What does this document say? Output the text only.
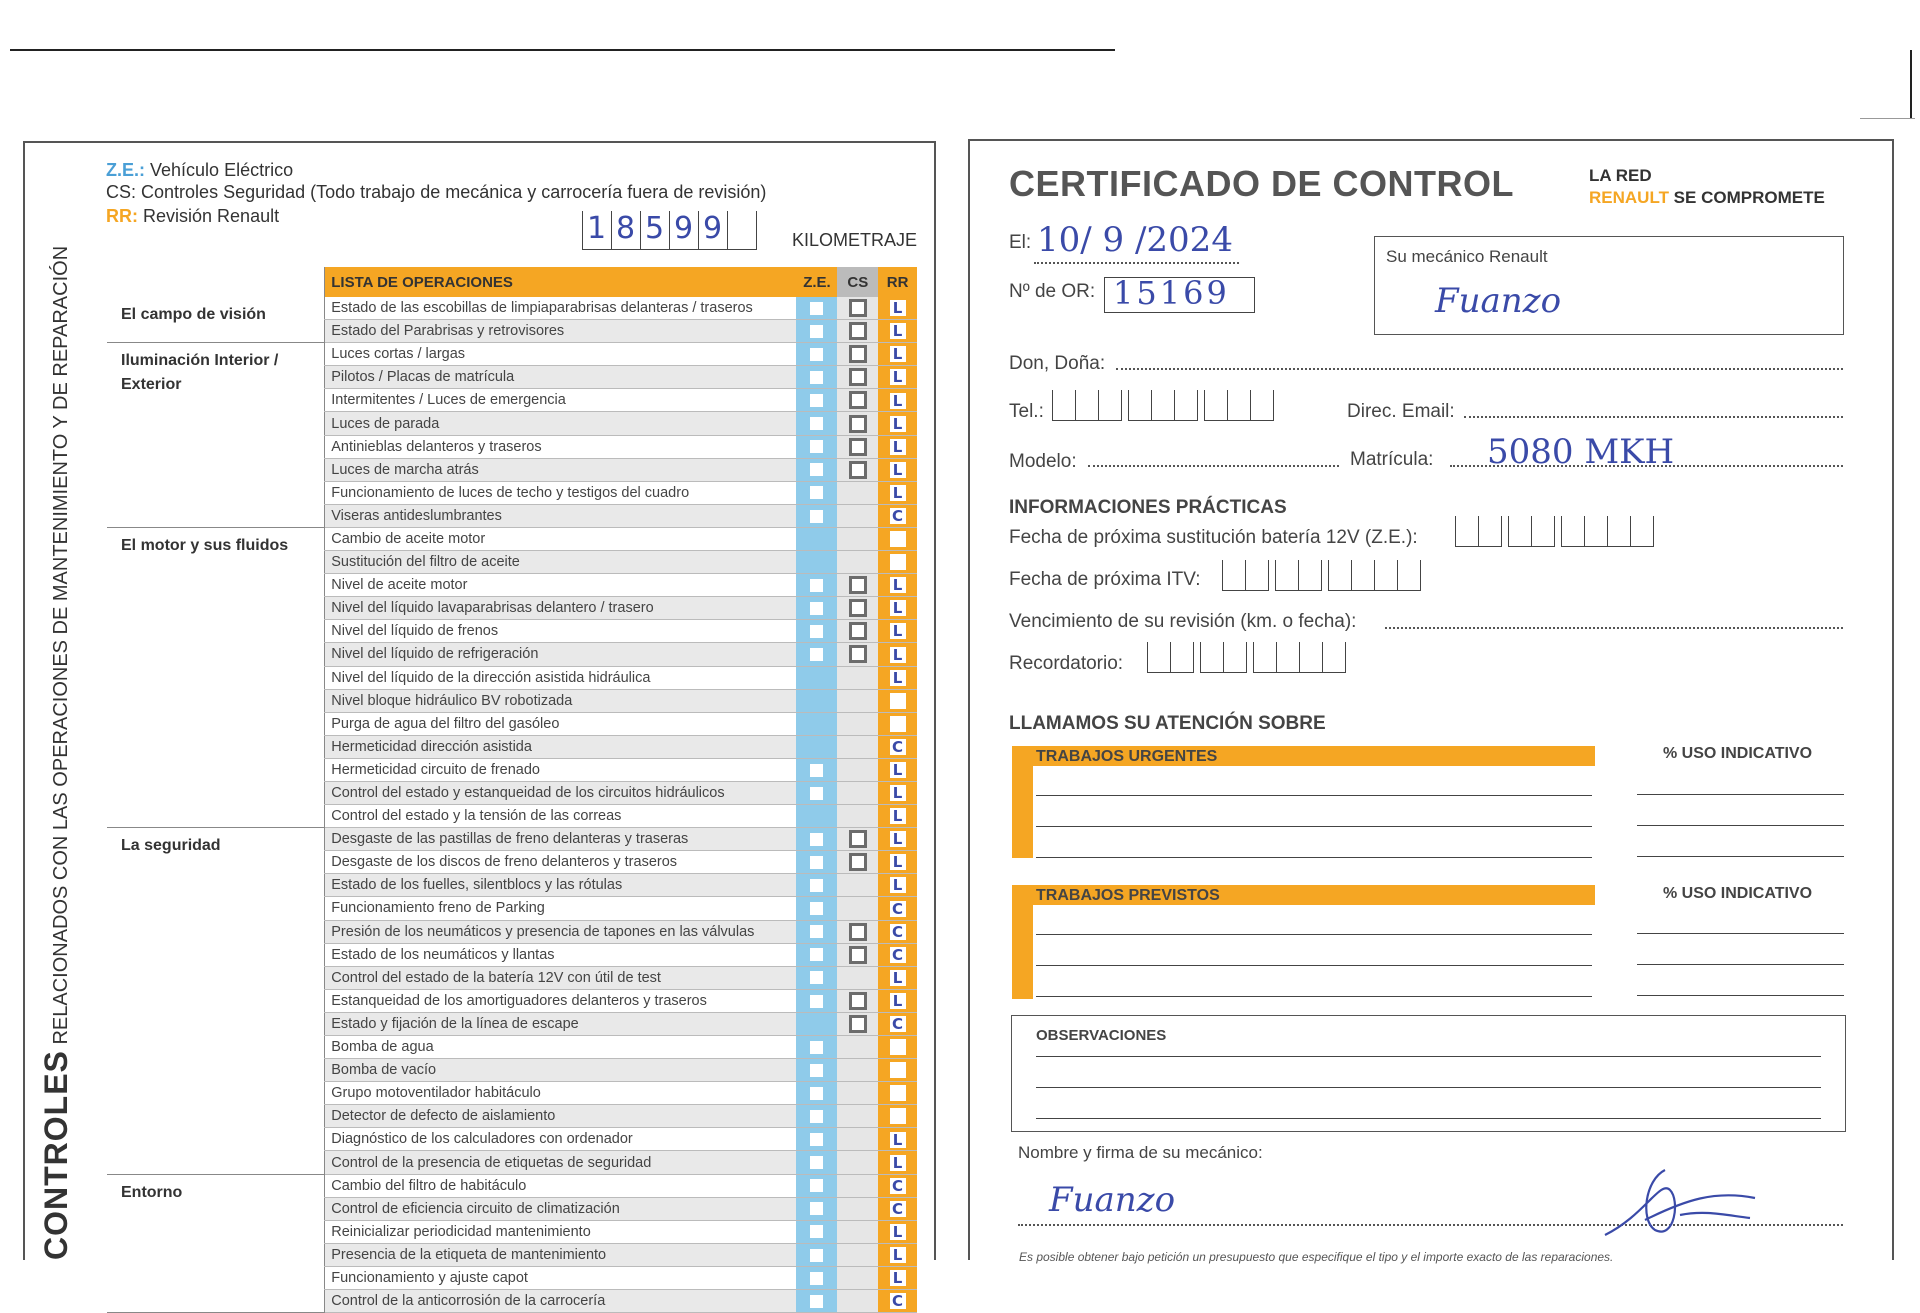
CONTROLES RELACIONADOS CON LAS OPERACIONES DE MANTENIMIENTO Y DE REPARACIÓN
Z.E.: Vehículo Eléctrico
CS: Controles Seguridad (Todo trabajo de mecánica y carrocería fuera de revisión)
RR: Revisión Renault	1 8 5 9 9	KILOMETRAJE
	LISTA DE OPERACIONES	Z.E.	CS	RR
El campo de visión	Estado de las escobillas de limpiaparabrisas delanteras / traseros			L
	Estado del Parabrisas y retrovisores			L
Iluminación Interior / Exterior	Luces cortas / largas			L
	Pilotos / Placas de matrícula			L
	Intermitentes / Luces de emergencia			L
	Luces de parada			L
	Antinieblas delanteros y traseros			L
	Luces de marcha atrás			L
	Funcionamiento de luces de techo y testigos del cuadro			L
	Viseras antideslumbrantes			C
El motor y sus fluidos	Cambio de aceite motor			
	Sustitución del filtro de aceite			
	Nivel de aceite motor			L
	Nivel del líquido lavaparabrisas delantero / trasero			L
	Nivel del líquido de frenos			L
	Nivel del líquido de refrigeración			L
	Nivel del líquido de la dirección asistida hidráulica			L
	Nivel bloque hidráulico BV robotizada			
	Purga de agua del filtro del gasóleo			
	Hermeticidad dirección asistida			C
	Hermeticidad circuito de frenado			L
	Control del estado y estanqueidad de los circuitos hidráulicos			L
	Control del estado y la tensión de las correas			L
La seguridad	Desgaste de las pastillas de freno delanteras y traseras			L
	Desgaste de los discos de freno delanteros y traseros			L
	Estado de los fuelles, silentblocs y las rótulas			L
	Funcionamiento freno de Parking			C
	Presión de los neumáticos y presencia de tapones en las válvulas			C
	Estado de los neumáticos y llantas			C
	Control del estado de la batería 12V con útil de test			L
	Estanqueidad de los amortiguadores delanteros y traseros			L
	Estado y fijación de la línea de escape			C
	Bomba de agua			
	Bomba de vacío			
	Grupo motoventilador habitáculo			
	Detector de defecto de aislamiento			
	Diagnóstico de los calculadores con ordenador			L
	Control de la presencia de etiquetas de seguridad			L
Entorno	Cambio del filtro de habitáculo			C
	Control de eficiencia circuito de climatización			C
	Reinicializar periodicidad mantenimiento			L
	Presencia de la etiqueta de mantenimiento			L
	Funcionamiento y ajuste capot			L
	Control de la anticorrosión de la carrocería			C
CERTIFICADO DE CONTROL	LA RED
RENAULT SE COMPROMETE
El: 10/ 9 /2024
Nº de OR: 15169
Su mecánico Renault
Fuanzo
Don, Doña:
Tel.:	Direc. Email:
Modelo:	Matrícula: 5080 MKH
INFORMACIONES PRÁCTICAS
Fecha de próxima sustitución batería 12V (Z.E.):
Fecha de próxima ITV:
Vencimiento de su revisión (km. o fecha):
Recordatorio:
LLAMAMOS SU ATENCIÓN SOBRE
TRABAJOS URGENTES	% USO INDICATIVO
TRABAJOS PREVISTOS	% USO INDICATIVO
OBSERVACIONES
Nombre y firma de su mecánico:
Fuanzo
Es posible obtener bajo petición un presupuesto que especifique el tipo y el importe exacto de las reparaciones.
